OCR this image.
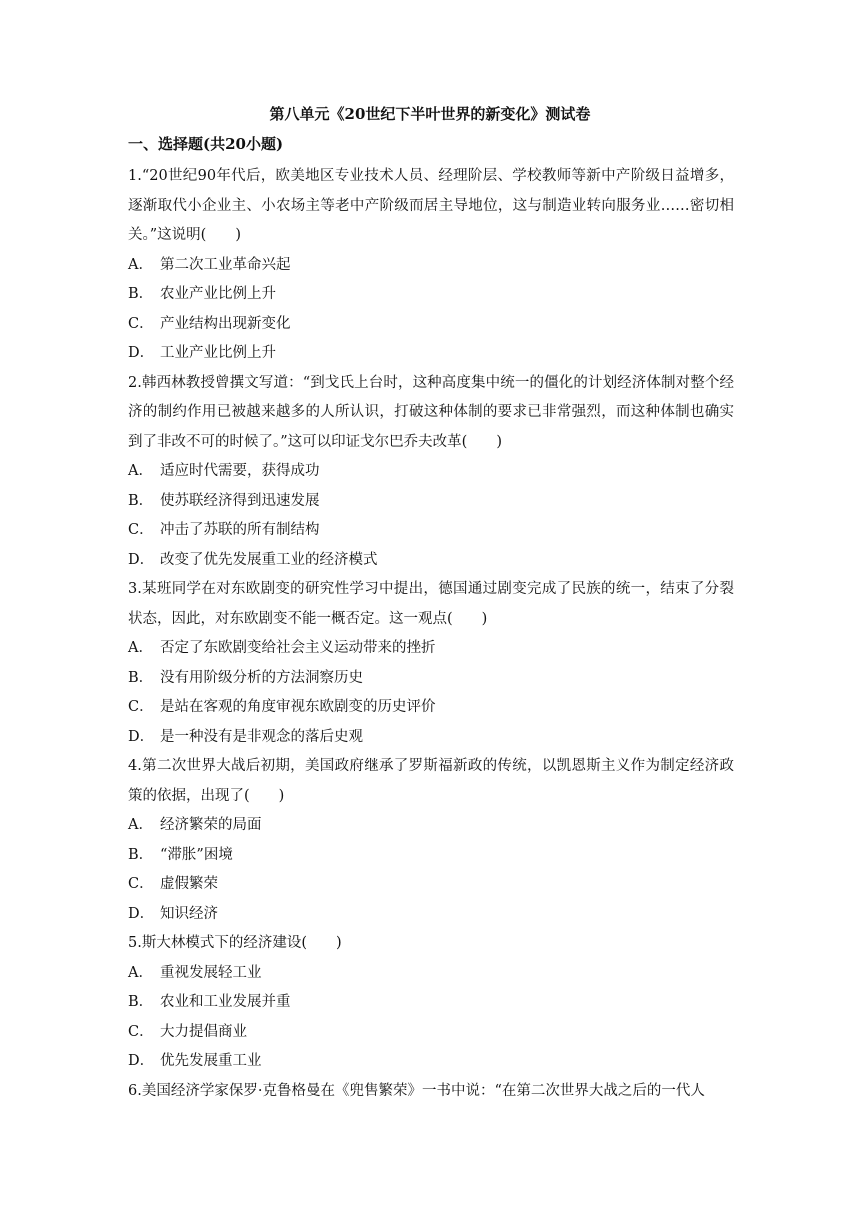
第八单元《20世纪下半叶世界的新变化》测试卷
一、选择题(共20小题)

1.“20世纪90年代后，欧美地区专业技术人员、经理阶层、学校教师等新中产阶级日益增多，逐渐取代小企业主、小农场主等老中产阶级而居主导地位，这与制造业转向服务业……密切相关。”这说明(　　)

A． 第二次工业革命兴起

B． 农业产业比例上升

C． 产业结构出现新变化

D． 工业产业比例上升

2.韩西林教授曾撰文写道：“到戈氏上台时，这种高度集中统一的僵化的计划经济体制对整个经济的制约作用已被越来越多的人所认识，打破这种体制的要求已非常强烈，而这种体制也确实到了非改不可的时候了。”这可以印证戈尔巴乔夫改革(　　)

A． 适应时代需要，获得成功

B． 使苏联经济得到迅速发展

C． 冲击了苏联的所有制结构

D． 改变了优先发展重工业的经济模式

3.某班同学在对东欧剧变的研究性学习中提出，德国通过剧变完成了民族的统一，结束了分裂状态，因此，对东欧剧变不能一概否定。这一观点(　　)

A． 否定了东欧剧变给社会主义运动带来的挫折

B． 没有用阶级分析的方法洞察历史

C． 是站在客观的角度审视东欧剧变的历史评价

D． 是一种没有是非观念的落后史观

4.第二次世界大战后初期，美国政府继承了罗斯福新政的传统，以凯恩斯主义作为制定经济政策的依据，出现了(　　)

A． 经济繁荣的局面

B． “滞胀”困境

C． 虚假繁荣

D． 知识经济

5.斯大林模式下的经济建设(　　)

A． 重视发展轻工业

B． 农业和工业发展并重

C． 大力提倡商业

D． 优先发展重工业

6.美国经济学家保罗·克鲁格曼在《兜售繁荣》一书中说：“在第二次世界大战之后的一代人
